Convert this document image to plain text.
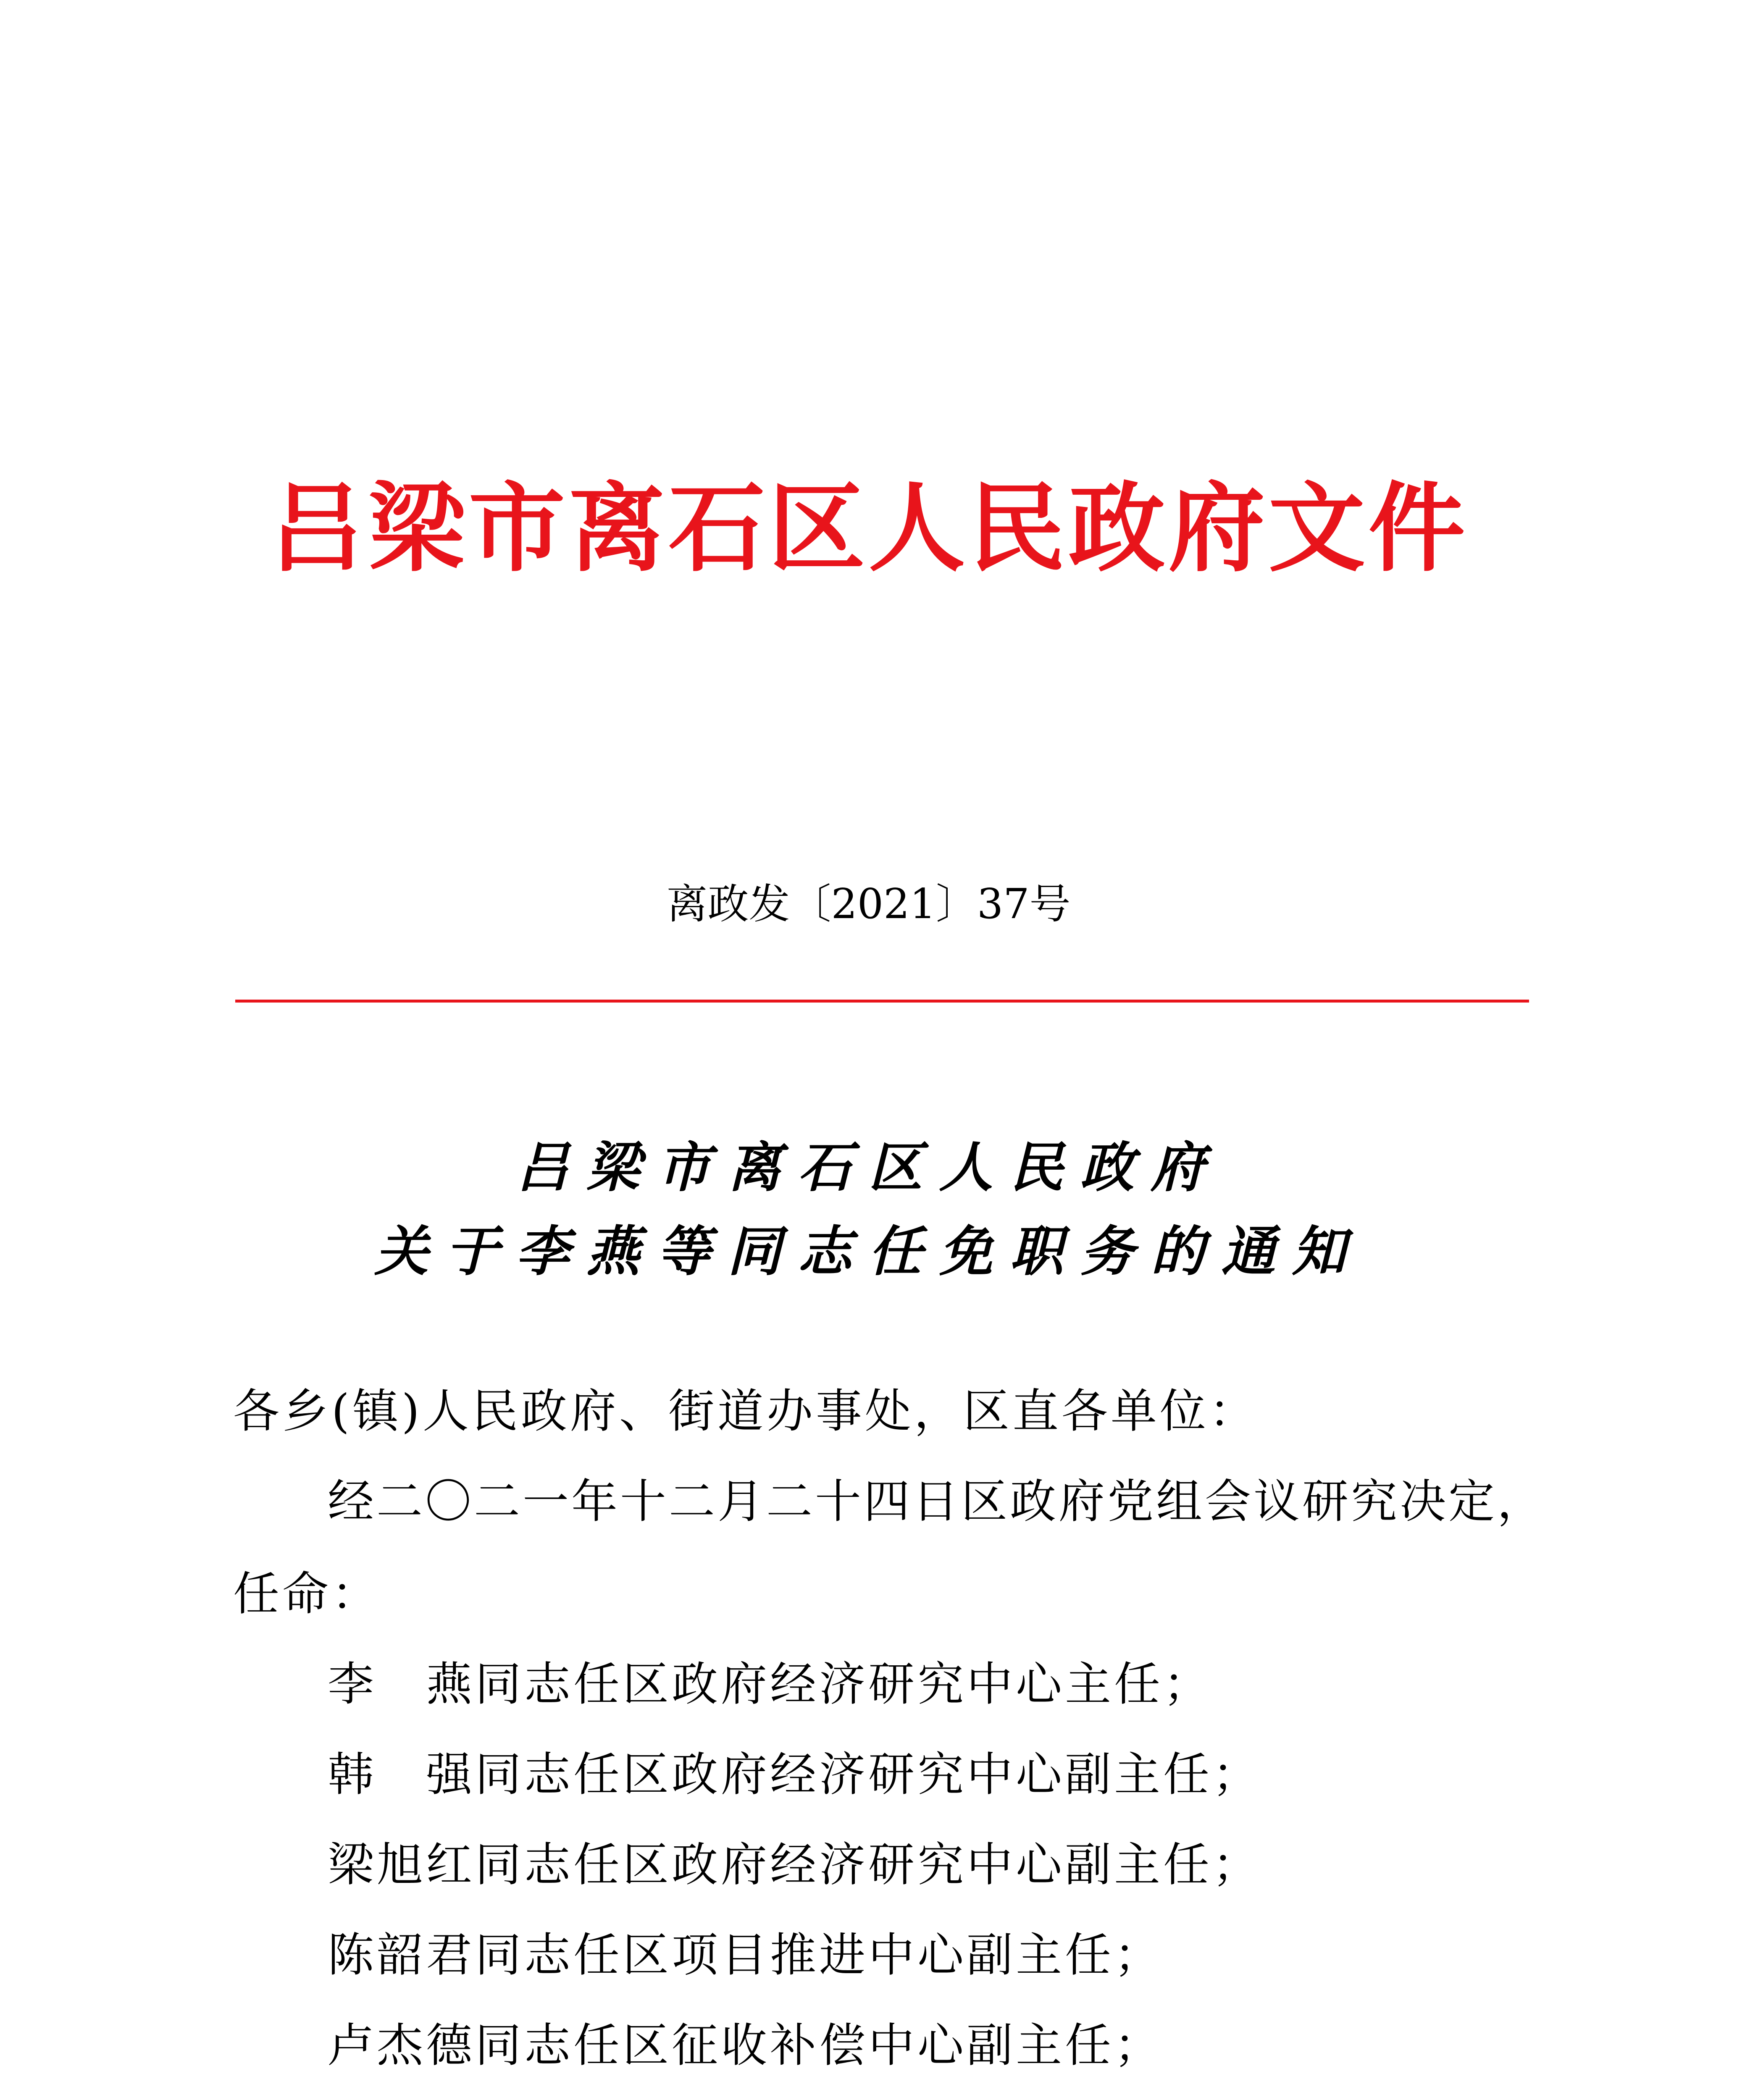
吕梁市离石区人民政府文件
离政发〔2021〕37号
吕梁市离石区人民政府
关于李燕等同志任免职务的通知
各乡(镇)人民政府、街道办事处，区直各单位：
经二〇二一年十二月二十四日区政府党组会议研究决定，
任命：
李　燕同志任区政府经济研究中心主任；
韩　强同志任区政府经济研究中心副主任；
梁旭红同志任区政府经济研究中心副主任；
陈韶君同志任区项目推进中心副主任；
卢杰德同志任区征收补偿中心副主任；
